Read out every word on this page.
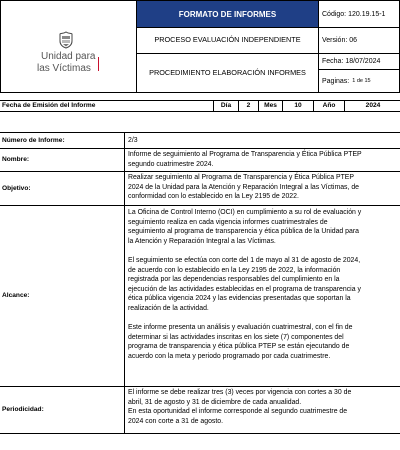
Unidad para
las Víctimas
FORMATO DE INFORMES
PROCESO EVALUACIÓN INDEPENDIENTE
PROCEDIMIENTO ELABORACIÓN INFORMES
Código: 120.19.15-1
Versión: 06
Fecha: 18/07/2024
Paginas: 1 de 15
Fecha de Emisión del Informe	Día	2	Mes	10	Año	2024
Número de Informe:	2/3
Nombre:
Informe de seguimiento al Programa de Transparencia y Ética Pública PTEP
segundo cuatrimestre 2024.
Objetivo:
Realizar seguimiento al Programa de Transparencia y Ética Pública PTEP
2024 de la Unidad para la Atención y Reparación Integral a las Víctimas, de
conformidad con lo establecido en la Ley 2195 de 2022.
Alcance:
La Oficina de Control Interno (OCI) en cumplimiento a su rol de evaluación y
seguimiento realiza en cada vigencia informes cuatrimestrales de
seguimiento al programa de transparencia y ética pública de la Unidad para
la Atención y Reparación Integral a las Víctimas.
El seguimiento se efectúa con corte del 1 de mayo al 31 de agosto de 2024,
de acuerdo con lo establecido en la Ley 2195 de 2022, la información
registrada por las dependencias responsables del cumplimiento en la
ejecución de las actividades establecidas en el programa de transparencia y
ética pública vigencia 2024 y las evidencias presentadas que soportan la
realización de la actividad.
Este informe presenta un análisis y evaluación cuatrimestral, con el fin de
determinar si las actividades inscritas en los siete (7) componentes del
programa de transparencia y ética pública PTEP se están ejecutando de
acuerdo con la meta y periodo programado por cada cuatrimestre.
Periodicidad:
El informe se debe realizar tres (3) veces por vigencia con cortes a 30 de
abril, 31 de agosto y 31 de diciembre de cada anualidad.
En esta oportunidad el informe corresponde al segundo cuatrimestre de
2024 con corte a 31 de agosto.
